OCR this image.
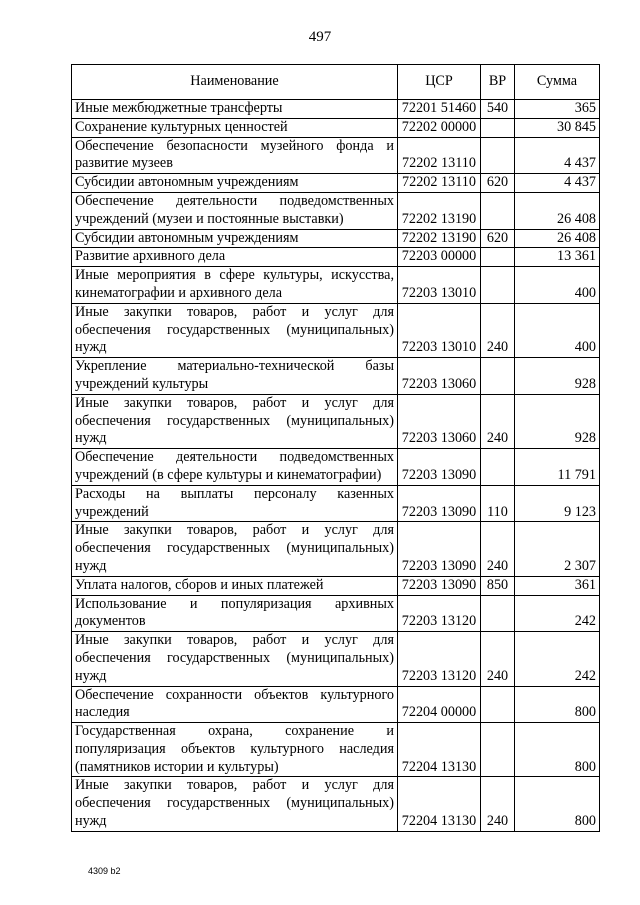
497
Наименование	ЦСР	ВР	Сумма
Иные межбюджетные трансферты	72201 51460	540	365
Сохранение культурных ценностей	72202 00000		30 845
Обеспечение безопасности музейного фонда и развитие музеев	72202 13110		4 437
Субсидии автономным учреждениям	72202 13110	620	4 437
Обеспечение деятельности подведомственных учреждений (музеи и постоянные выставки)	72202 13190		26 408
Субсидии автономным учреждениям	72202 13190	620	26 408
Развитие архивного дела	72203 00000		13 361
Иные мероприятия в сфере культуры, искусства, кинематографии и архивного дела	72203 13010		400
Иные закупки товаров, работ и услуг для обеспечения государственных (муниципальных) нужд	72203 13010	240	400
Укрепление материально-технической базы учреждений культуры	72203 13060		928
Иные закупки товаров, работ и услуг для обеспечения государственных (муниципальных) нужд	72203 13060	240	928
Обеспечение деятельности подведомственных учреждений (в сфере культуры и кинематографии)	72203 13090		11 791
Расходы на выплаты персоналу казенных учреждений	72203 13090	110	9 123
Иные закупки товаров, работ и услуг для обеспечения государственных (муниципальных) нужд	72203 13090	240	2 307
Уплата налогов, сборов и иных платежей	72203 13090	850	361
Использование и популяризация архивных документов	72203 13120		242
Иные закупки товаров, работ и услуг для обеспечения государственных (муниципальных) нужд	72203 13120	240	242
Обеспечение сохранности объектов культурного наследия	72204 00000		800
Государственная охрана, сохранение и популяризация объектов культурного наследия (памятников истории и культуры)	72204 13130		800
Иные закупки товаров, работ и услуг для обеспечения государственных (муниципальных) нужд	72204 13130	240	800
4309 b2
